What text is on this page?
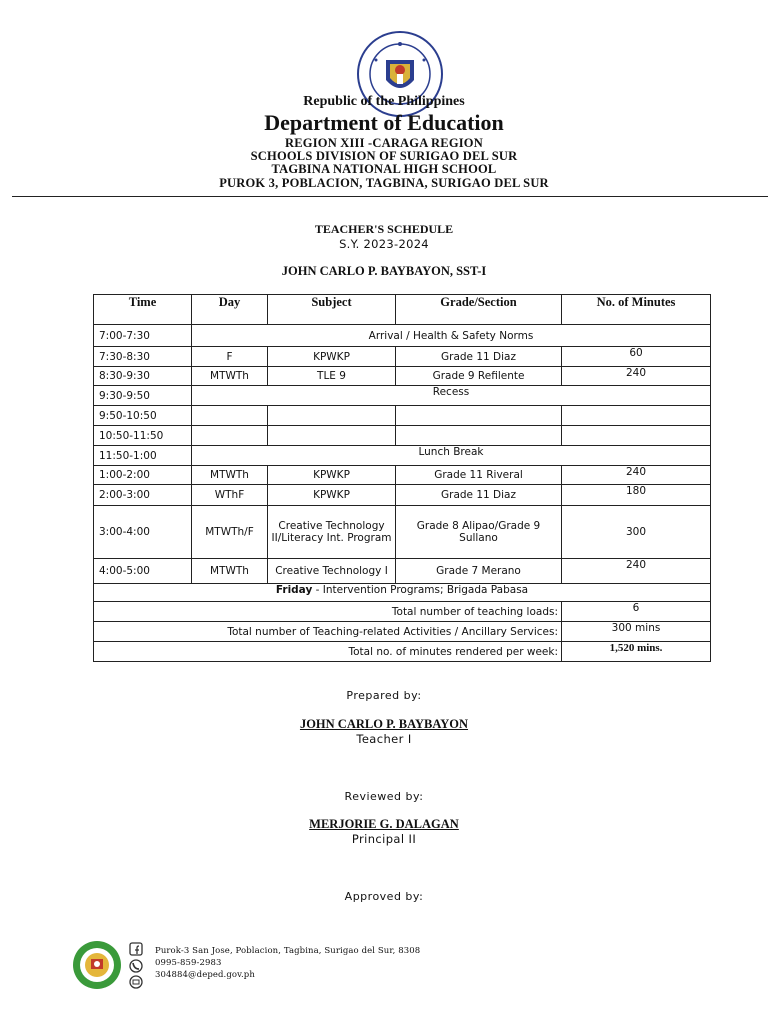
Republic of the Philippines
Department of Education
REGION XIII -CARAGA REGION
SCHOOLS DIVISION OF SURIGAO DEL SUR
TAGBINA NATIONAL HIGH SCHOOL
PUROK 3, POBLACION, TAGBINA, SURIGAO DEL SUR
TEACHER'S SCHEDULE
S.Y. 2023-2024
JOHN CARLO P. BAYBAYON, SST-I
Time	Day	Subject	Grade/Section	No. of Minutes
7:00-7:30	Arrival / Health & Safety Norms			
7:30-8:30	F	KPWKP	Grade 11 Diaz	60
8:30-9:30	MTWTh	TLE 9	Grade 9 Refilente	240
9:30-9:50	Recess			
9:50-10:50				
10:50-11:50				
11:50-1:00	Lunch Break			
1:00-2:00	MTWTh	KPWKP	Grade 11 Riveral	240
2:00-3:00	WThF	KPWKP	Grade 11 Diaz	180
3:00-4:00	MTWTh/F	Creative Technology II/Literacy Int. Program	Grade 8 Alipao/Grade 9 Sullano	300
4:00-5:00	MTWTh	Creative Technology I	Grade 7 Merano	240
Friday - Intervention Programs; Brigada Pabasa				
Total number of teaching loads:				6
Total number of Teaching-related Activities / Ancillary Services:				300 mins
Total no. of minutes rendered per week:				1,520 mins.
Prepared by:
JOHN CARLO P. BAYBAYON
Teacher I
Reviewed by:
MERJORIE G. DALAGAN
Principal II
Approved by:
Purok-3 San Jose, Poblacion, Tagbina, Surigao del Sur, 8308
0995-859-2983
304884@deped.gov.ph
